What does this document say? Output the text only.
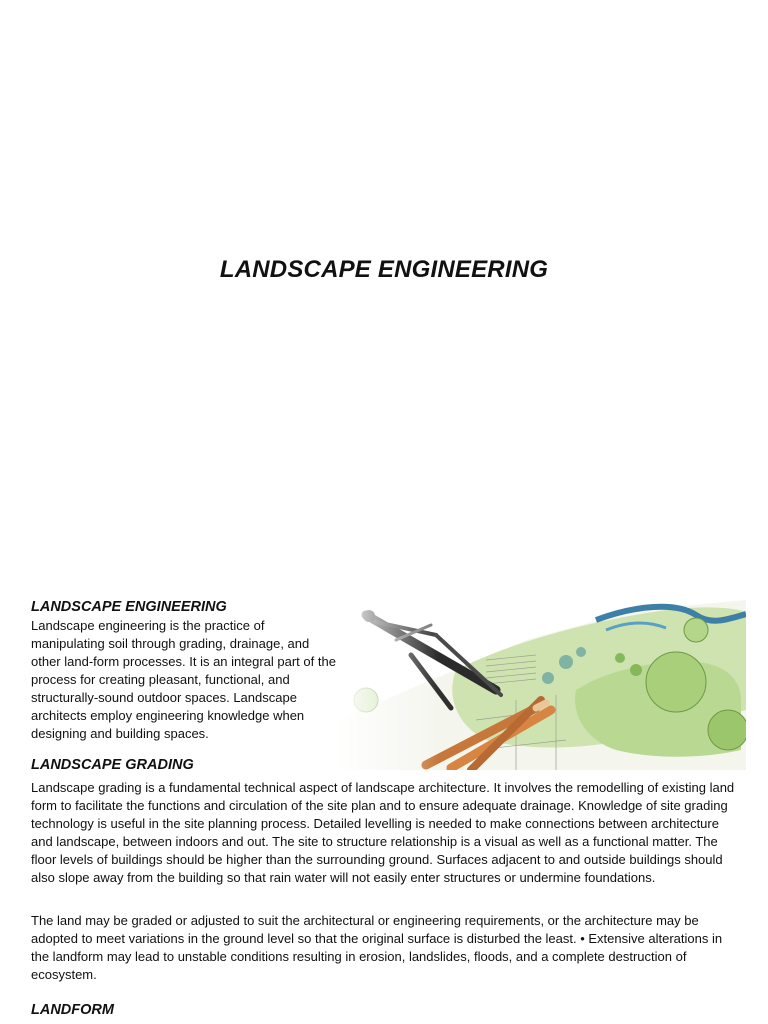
LANDSCAPE ENGINEERING
LANDSCAPE ENGINEERING

Landscape engineering is the practice of manipulating soil through grading, drainage, and other land-form processes. It is an integral part of the process for creating pleasant, functional, and structurally-sound outdoor spaces. Landscape architects employ engineering knowledge when designing and building spaces.

LANDSCAPE GRADING

Landscape grading is a fundamental technical aspect of landscape architecture. It involves the remodelling of existing land form to facilitate the functions and circulation of the site plan and to ensure adequate drainage. Knowledge of site grading technology is useful in the site planning process. Detailed levelling is needed to make connections between architecture and landscape, between indoors and out. The site to structure relationship is a visual as well as a functional matter. The floor levels of buildings should be higher than the surrounding ground. Surfaces adjacent to and outside buildings should also slope away from the building so that rain water will not easily enter structures or undermine foundations.

The land may be graded or adjusted to suit the architectural or engineering requirements, or the architecture may be adopted to meet variations in the ground level so that the original surface is disturbed the least. • Extensive alterations in the landform may lead to unstable conditions resulting in erosion, landslides, floods, and a complete destruction of ecosystem.

LANDFORM
